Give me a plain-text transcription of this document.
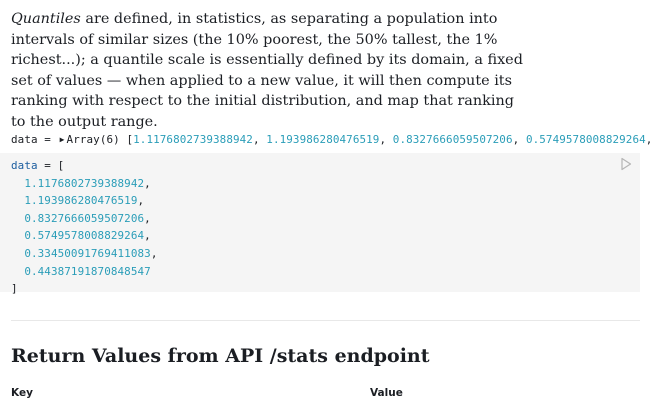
Quantiles are defined, in statistics, as separating a population into intervals of similar sizes (the 10% poorest, the 50% tallest, the 1% richest...); a quantile scale is essentially defined by its domain, a fixed set of values — when applied to a new value, it will then compute its ranking with respect to the initial distribution, and map that ranking to the output range.

data = ▶ Array(6) [1.1176802739388942, 1.193986280476519, 0.8327666059507206, 0.5749578008829264,
data = [
1.1176802739388942,
1.193986280476519,
0.8327666059507206,
0.5749578008829264,
0.33450091769411083,
0.44387191870848547
]
Return Values from API /stats endpoint
Key	Value
